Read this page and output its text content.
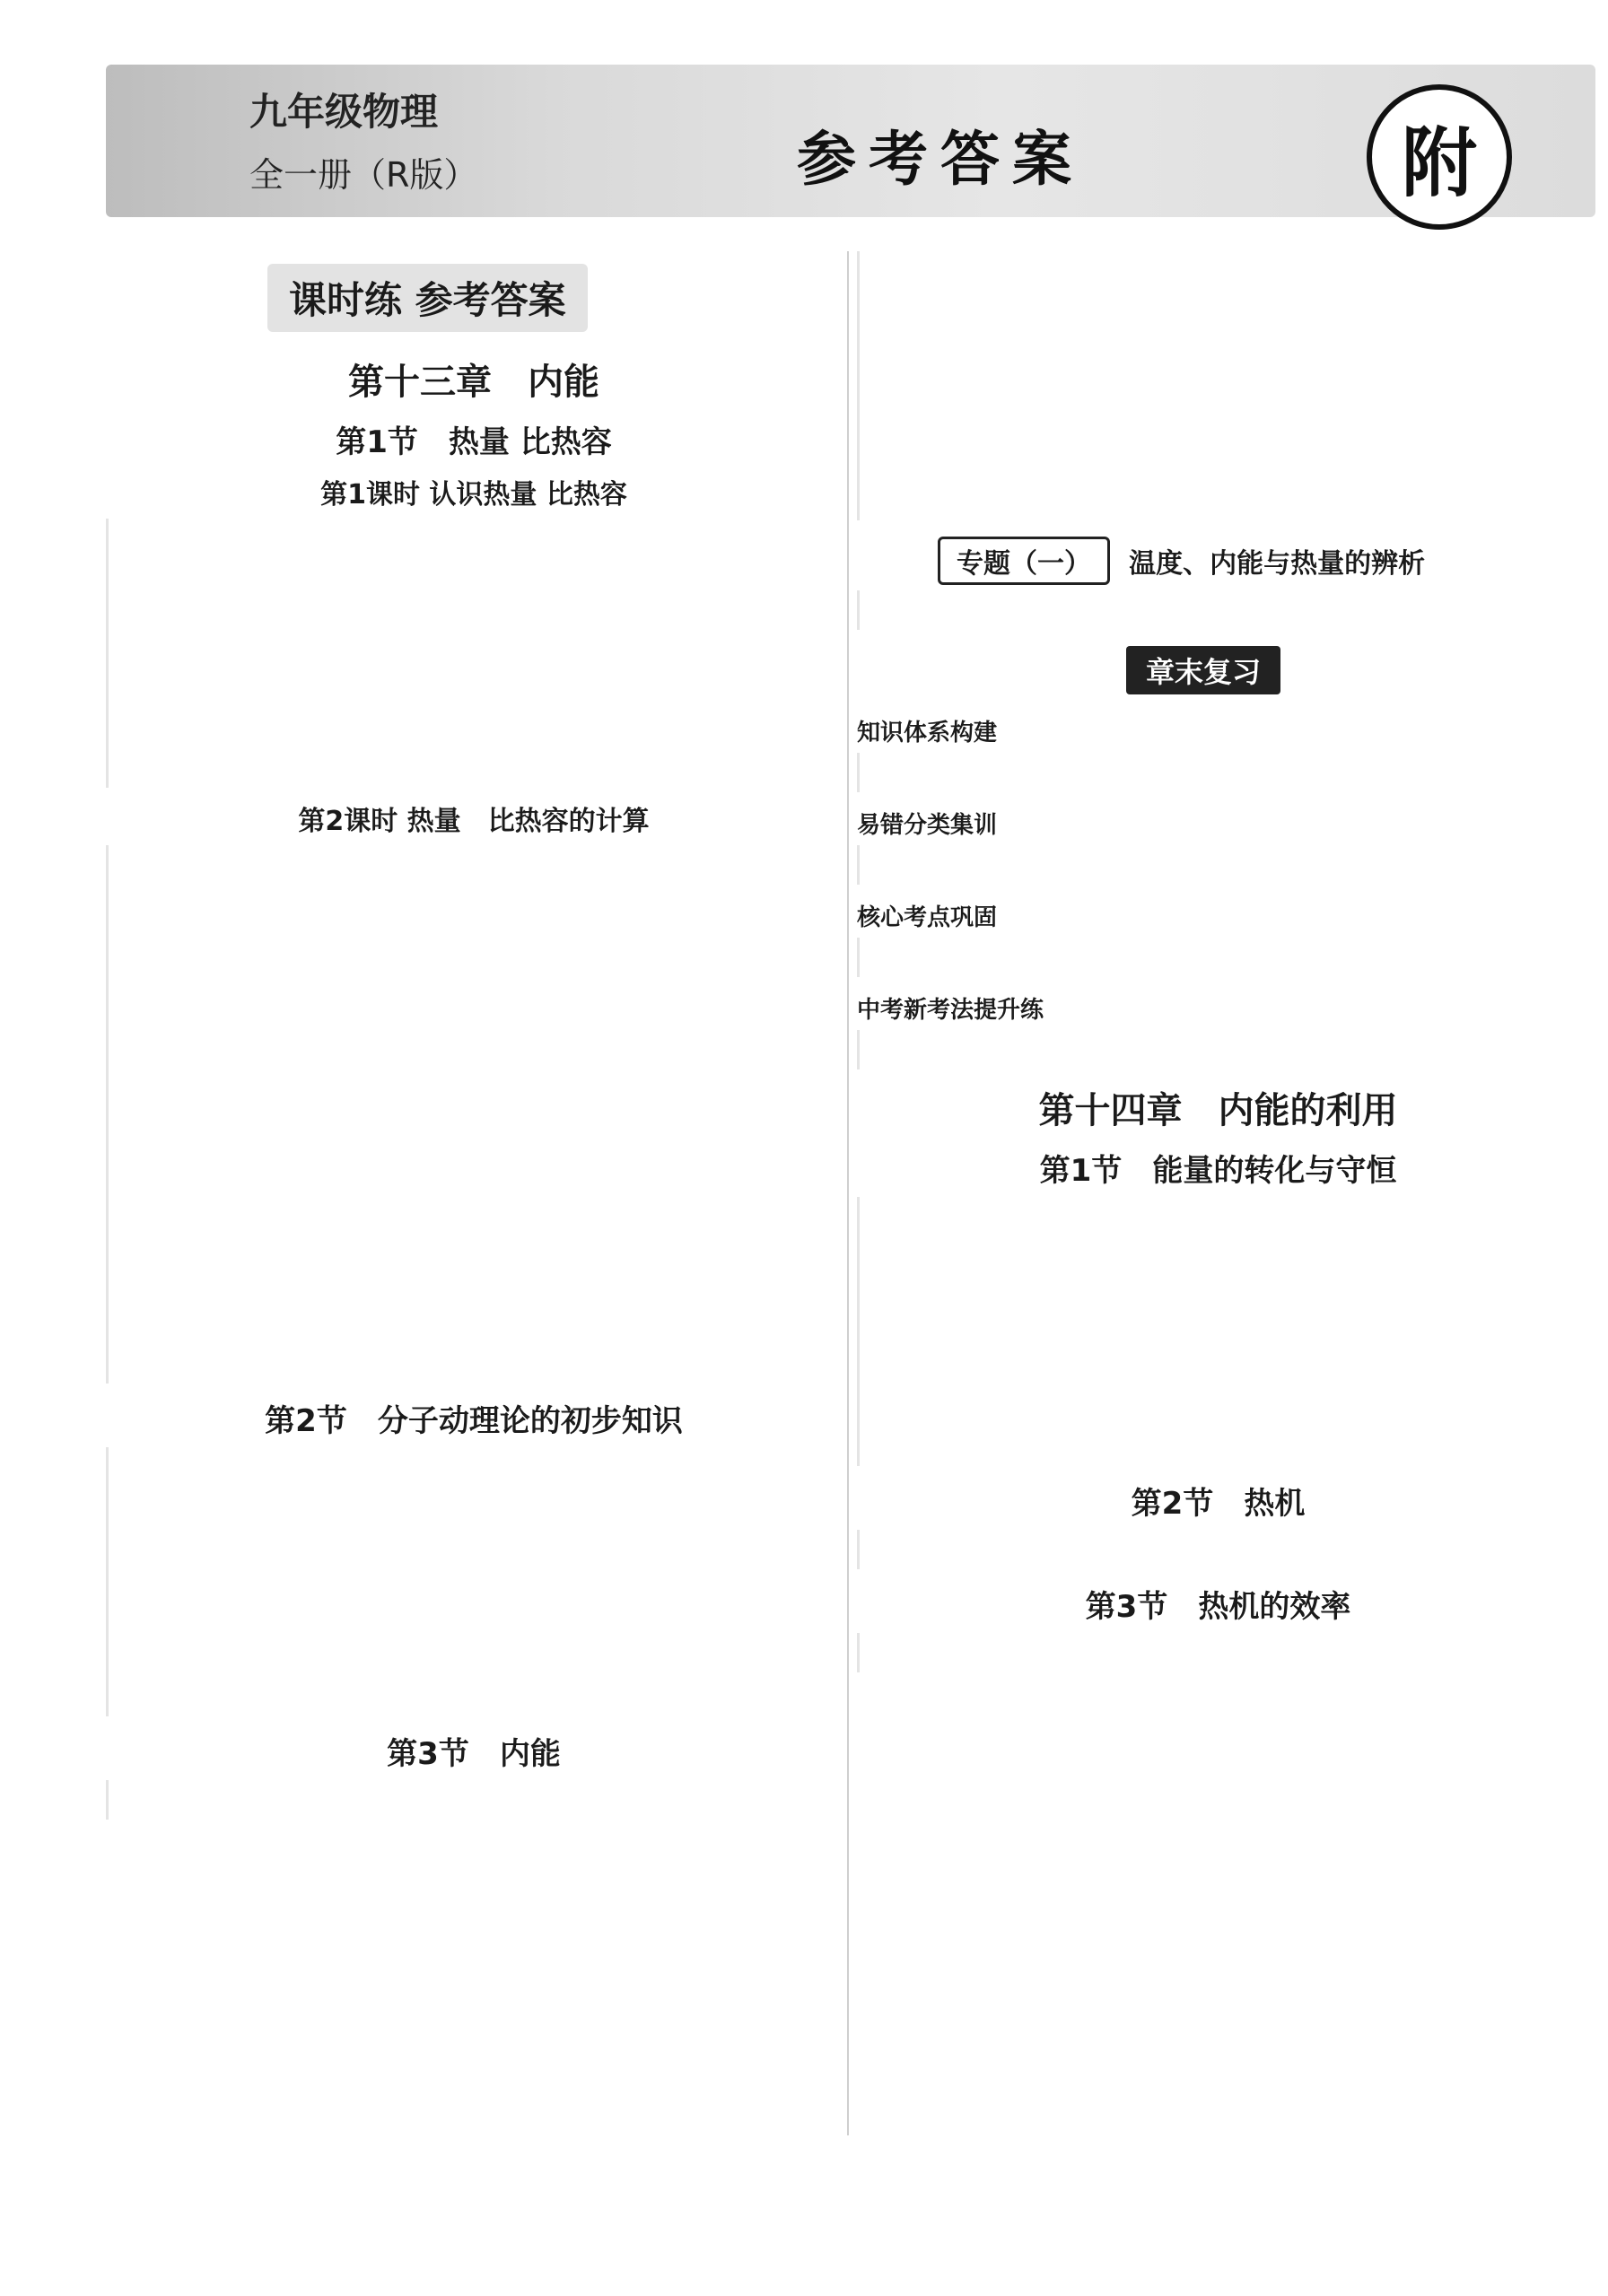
九年级物理
全一册（R版）	参考答案	附
课时练 参考答案
第十三章　内能
第1节　热量 比热容
第1课时 认识热量 比热容
第2课时 热量　比热容的计算
第2节　分子动理论的初步知识
第3节　内能
专题（一） 温度、内能与热量的辨析
章末复习
知识体系构建
易错分类集训
核心考点巩固
中考新考法提升练
第十四章　内能的利用
第1节　能量的转化与守恒
第2节　热机
第3节　热机的效率
